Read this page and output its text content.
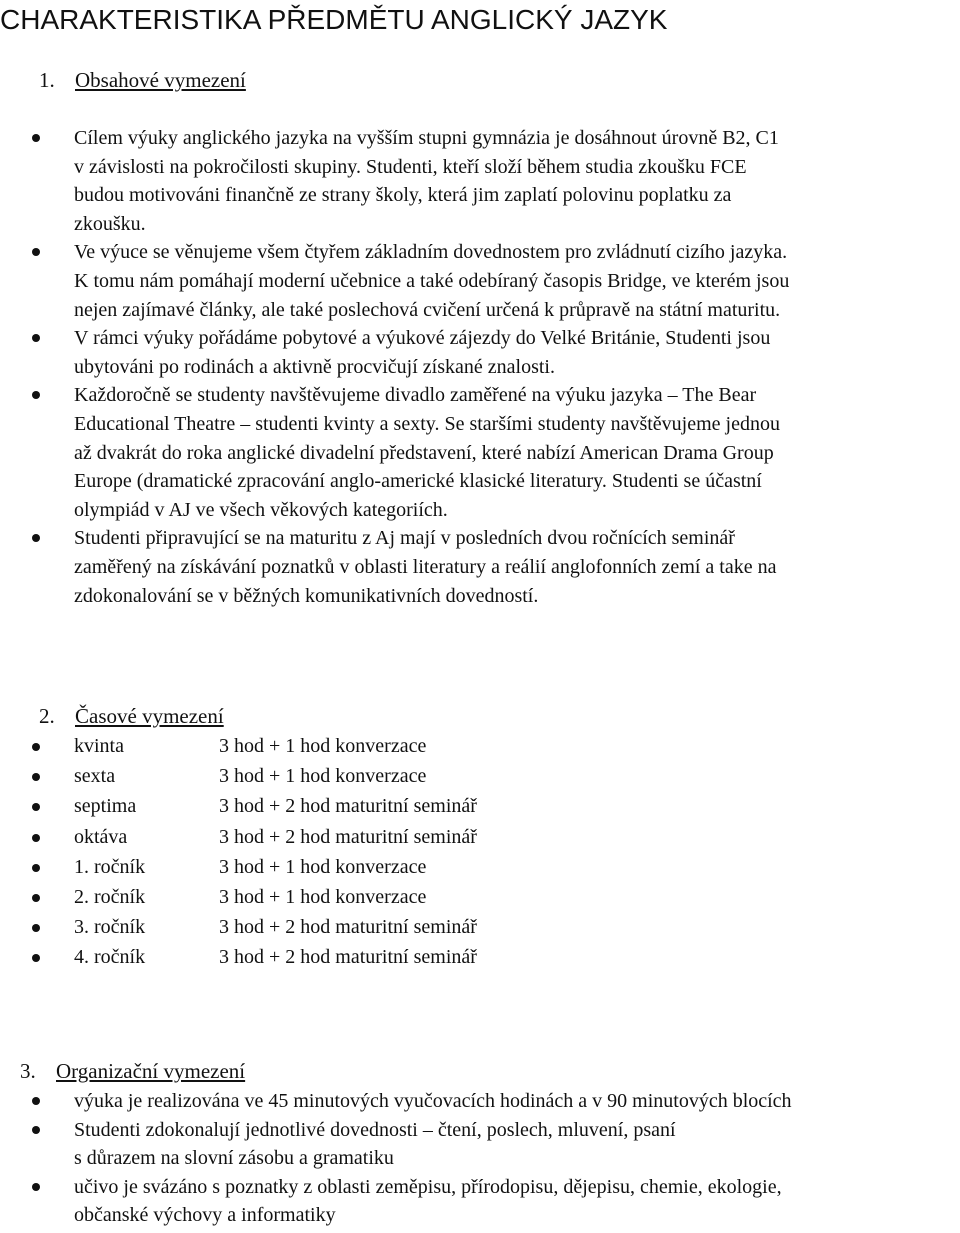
CHARAKTERISTIKA PŘEDMĚTU ANGLICKÝ JAZYK
1. Obsahové vymezení
Cílem výuky anglického jazyka na vyšším stupni gymnázia je dosáhnout úrovně B2, C1
v závislosti na pokročilosti skupiny. Studenti, kteří složí během studia zkoušku FCE
budou motivováni finančně ze strany školy, která jim zaplatí polovinu poplatku za
zkoušku.
Ve výuce se věnujeme všem čtyřem základním dovednostem pro zvládnutí cizího jazyka.
K tomu nám pomáhají moderní učebnice a také odebíraný časopis Bridge, ve kterém jsou
nejen zajímavé články, ale také poslechová cvičení určená k průpravě na státní maturitu.
V rámci výuky pořádáme pobytové a výukové zájezdy do Velké Británie, Studenti jsou
ubytováni po rodinách a aktivně procvičují získané znalosti.
Každoročně se studenty navštěvujeme divadlo zaměřené na výuku jazyka – The Bear
Educational Theatre – studenti kvinty a sexty. Se staršími studenty navštěvujeme jednou
až dvakrát do roka anglické divadelní představení, které nabízí American Drama Group
Europe (dramatické zpracování anglo-americké klasické literatury. Studenti se účastní
olympiád v AJ ve všech věkových kategoriích.
Studenti připravující se na maturitu z Aj mají v posledních dvou ročnících seminář
zaměřený na získávání poznatků v oblasti literatury a reálií anglofonních zemí a take na
zdokonalování se v běžných komunikativních dovedností.
2. Časové vymezení
kvinta	3 hod + 1 hod konverzace
sexta	3 hod + 1 hod konverzace
septima	3 hod + 2 hod maturitní seminář
oktáva	3 hod + 2 hod maturitní seminář
1. ročník	3 hod + 1 hod konverzace
2. ročník	3 hod + 1 hod konverzace
3. ročník	3 hod + 2 hod maturitní seminář
4. ročník	3 hod + 2 hod maturitní seminář
3. Organizační vymezení
výuka je realizována ve 45 minutových vyučovacích hodinách a v 90 minutových blocích
Studenti zdokonalují jednotlivé dovednosti – čtení, poslech, mluvení, psaní
s důrazem na slovní zásobu a gramatiku
učivo je svázáno s poznatky z oblasti zeměpisu, přírodopisu, dějepisu, chemie, ekologie,
občanské výchovy a informatiky
